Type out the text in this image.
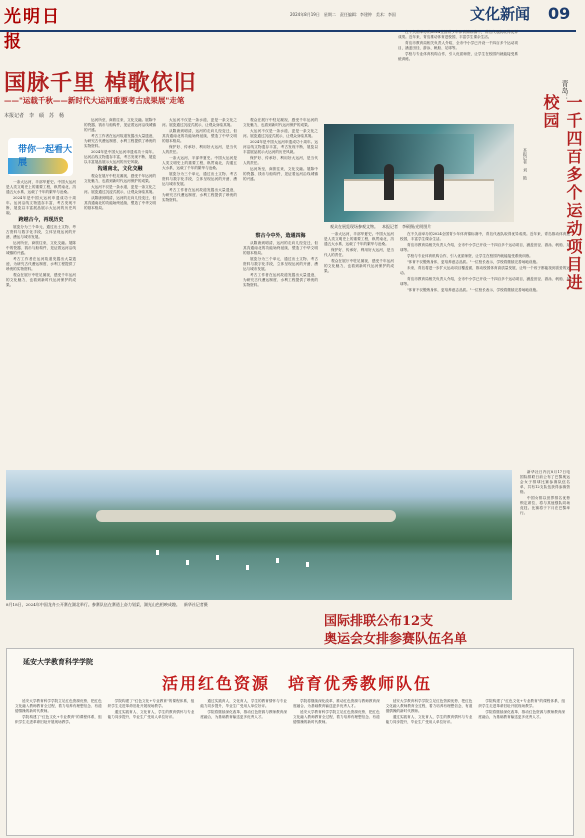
光明日报
2024年8月19日　星期二　责任编辑：李建钟　美术：李国	文化新闻	09
国脉千里 棹歌依旧
——"运载千秋——新时代大运河重要考古成果展"走笔
本报记者　李　硕　苏　杨
带你一起看大展

一条大运河，半部华夏史。中国大运河是人类文明史上的重要工程，纵贯南北，沟通五大水系，运载了千年的繁华与沧桑。

2024年是中国大运河申遗成功十周年。运河沿线文物遗存丰富，考古发现不断，展览以丰富展品展示大运河的历史风貌。

跨越古今，再现历史

展览分为三个单元，通过出土文物、考古资料与数字化手段，立体呈现运河的开凿、漕运与城市发展。

运河所至，商旅往来，文化交融。展陈中的瓷器、钱币与船构件，见证着运河沿线城镇的兴盛。

考古工作者在运河故道发掘出大量遗迹，为研究古代漕运制度、水利工程提供了珍贵的实物资料。

观众在展厅中驻足凝视，感受千年运河的文化魅力，也看到新时代运河保护的成果。

运河所至，商旅往来，文化交融。展陈中的瓷器、钱币与船构件，见证着运河沿线城镇的兴盛。

考古工作者在运河故道发掘出大量遗迹，为研究古代漕运制度、水利工程提供了珍贵的实物资料。

2024年是中国大运河申遗成功十周年。运河沿线文物遗存丰富，考古发现不断，展览以丰富展品展示大运河的历史风貌。

沟通南北，文化交融

观众在展厅中驻足凝视，感受千年运河的文化魅力，也看到新时代运河保护的成果。

大运河不仅是一条水道，更是一条文化之河。展览通过沉浸式展示，让观众身临其境。

从隋唐到明清，运河的走向几经变迁，但其沟通南北的功能始终延续，塑造了中华文明的基本格局。

大运河不仅是一条水道，更是一条文化之河。展览通过沉浸式展示，让观众身临其境。

从隋唐到明清，运河的走向几经变迁，但其沟通南北的功能始终延续，塑造了中华文明的基本格局。

保护好、传承好、利用好大运河，是当代人的责任。

一条大运河，半部华夏史。中国大运河是人类文明史上的重要工程，纵贯南北，沟通五大水系，运载了千年的繁华与沧桑。

展览分为三个单元，通过出土文物、考古资料与数字化手段，立体呈现运河的开凿、漕运与城市发展。

考古工作者在运河故道发掘出大量遗迹，为研究古代漕运制度、水利工程提供了珍贵的实物资料。

观众在展厅中驻足凝视，感受千年运河的文化魅力，也看到新时代运河保护的成果。

大运河不仅是一条水道，更是一条文化之河。展览通过沉浸式展示，让观众身临其境。

2024年是中国大运河申遗成功十周年。运河沿线文物遗存丰富，考古发现不断，展览以丰富展品展示大运河的历史风貌。

保护好、传承好、利用好大运河，是当代人的责任。

运河所至，商旅往来，文化交融。展陈中的瓷器、钱币与船构件，见证着运河沿线城镇的兴盛。

观众在展览现场参观文物。　本报记者　李硕摄/光明图片
察古今中外，造通四海

从隋唐到明清，运河的走向几经变迁，但其沟通南北的功能始终延续，塑造了中华文明的基本格局。

展览分为三个单元，通过出土文物、考古资料与数字化手段，立体呈现运河的开凿、漕运与城市发展。

考古工作者在运河故道发掘出大量遗迹，为研究古代漕运制度、水利工程提供了珍贵的实物资料。

一条大运河，半部华夏史。中国大运河是人类文明史上的重要工程，纵贯南北，沟通五大水系，运载了千年的繁华与沧桑。

保护好、传承好、利用好大运河，是当代人的责任。

观众在展厅中驻足凝视，感受千年运河的文化魅力，也看到新时代运河保护的成果。

青岛：
一千四百多个运动项目进校园
本报记者　刘　艳

在不久前举办的2024全国青少年体育锦标赛中，青岛代表队取得优异成绩。近年来，青岛推动体育进校园，丰富学生课余生活。

青岛市教育局相关负责人介绍，全市中小学已开设一千四百多个运动项目，涵盖田径、游泳、帆船、足球等。

学校与专业体育机构合作，引入优质师资，让学生在校园内就能接受系统训练。

在不久前举办的2024全国青少年体育锦标赛中，青岛代表队取得优异成绩。近年来，青岛推动体育进校园，丰富学生课余生活。

青岛市教育局相关负责人介绍，全市中小学已开设一千四百多个运动项目，涵盖田径、游泳、帆船、足球等。

学校与专业体育机构合作，引入优质师资，让学生在校园内就能接受系统训练。

"体育不仅锻炼身体，更培养意志品质。"一位校长表示，学校将继续完善场地设施。

未来，青岛将进一步扩大运动项目覆盖面，推动校园体育高质量发展，让每一个孩子都能找到喜爱的运动。

青岛市教育局相关负责人介绍，全市中小学已开设一千四百多个运动项目，涵盖田径、游泳、帆船、足球等。

"体育不仅锻炼身体，更培养意志品质。"一位校长表示，学校将继续完善场地设施。

8月18日，2024年中国龙舟公开赛在湖北举行。参赛队伍在赛道上奋力划桨，湖光山色相映成趣。　新华社记者摄
国际排联公布12支
奥运会女排参赛队伍名单

新华社日内瓦8月17日电　国际排联日前公布了巴黎奥运会女子排球比赛参赛队伍名单，共有12支队伍获得参赛资格。

中国女排以世界排名优势锁定席位，将与其他强队同场竞技。比赛将于下月在巴黎举行。

延安大学教育科学学院
活用红色资源　培育优秀教师队伍

延安大学教育科学学院立足红色资源优势，把红色文化融入教师教育全过程，着力培养有理想信念、有道德情操的新时代教师。

学院构建了"红色文化+专业教育"的课程体系，组织学生走进革命旧址开展现场教学。

学院构建了"红色文化+专业教育"的课程体系，组织学生走进革命旧址开展现场教学。

通过实践育人、文化育人，学生的教育情怀与专业能力同步提升，毕业生广受用人单位好评。

通过实践育人、文化育人，学生的教育情怀与专业能力同步提升，毕业生广受用人单位好评。

学院将继续深化改革，推动红色资源与教师教育深度融合，为基础教育输送更多优秀人才。

学院将继续深化改革，推动红色资源与教师教育深度融合，为基础教育输送更多优秀人才。

延安大学教育科学学院立足红色资源优势，把红色文化融入教师教育全过程，着力培养有理想信念、有道德情操的新时代教师。

延安大学教育科学学院立足红色资源优势，把红色文化融入教师教育全过程，着力培养有理想信念、有道德情操的新时代教师。

通过实践育人、文化育人，学生的教育情怀与专业能力同步提升，毕业生广受用人单位好评。

学院构建了"红色文化+专业教育"的课程体系，组织学生走进革命旧址开展现场教学。

学院将继续深化改革，推动红色资源与教师教育深度融合，为基础教育输送更多优秀人才。
